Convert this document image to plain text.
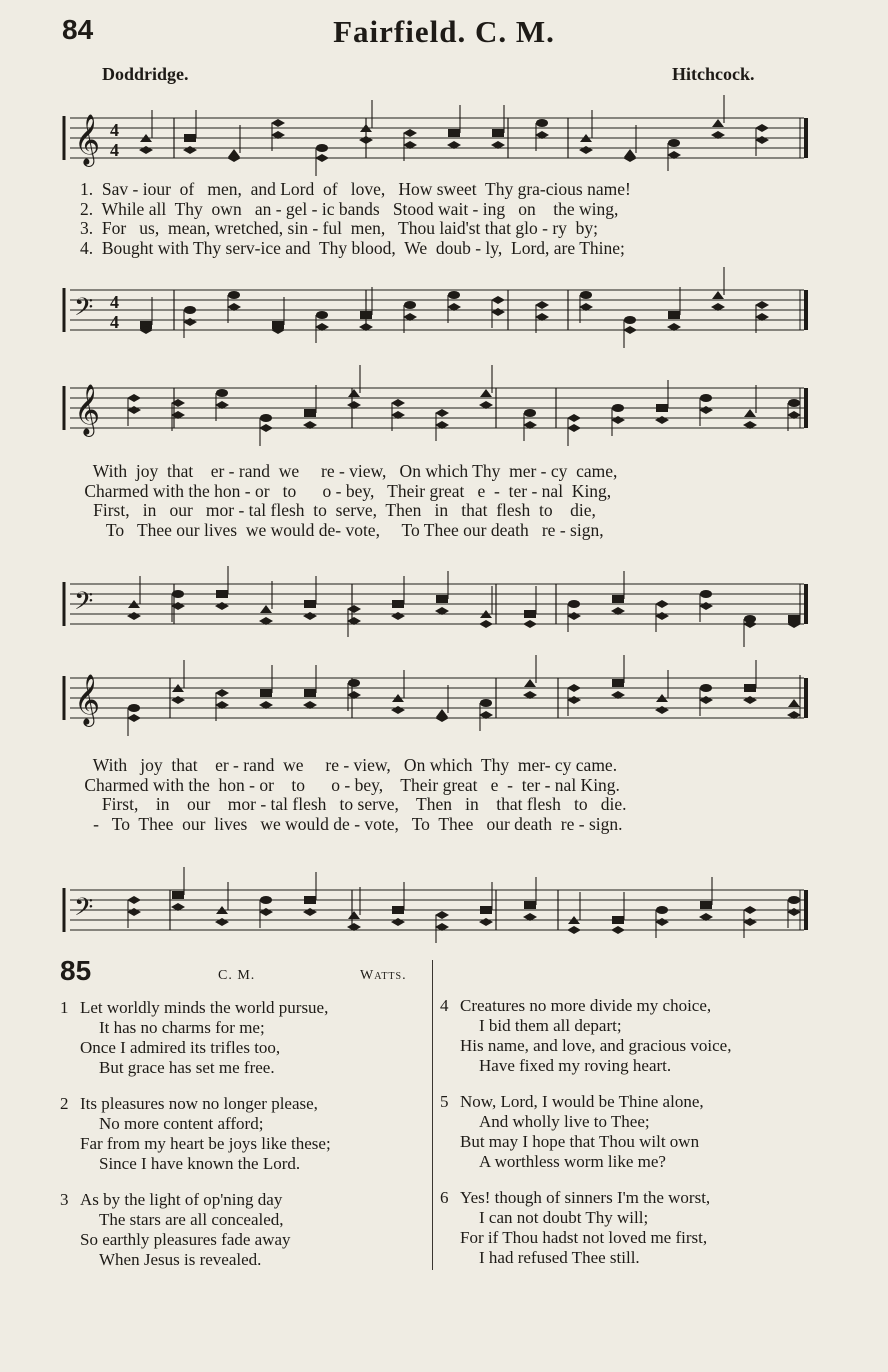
84	Fairfield. C. M.
Doddridge.	Hitchcock.
𝄞 4
4
1.  Sav - iour  of   men,  and Lord  of   love,   How sweet  Thy gra-cious name!
2.  While all  Thy  own   an - gel - ic bands   Stood wait - ing   on    the wing,
3.  For   us,  mean, wretched, sin - ful  men,   Thou laid'st that glo - ry  by;
4.  Bought with Thy serv-ice and  Thy blood,  We  doub - ly,  Lord, are Thine;
𝄢 4
4
𝄞
With  joy  that    er - rand  we     re - view,   On which Thy  mer - cy  came,
Charmed with the hon - or   to      o - bey,   Their great   e  -  ter - nal  King,
First,   in   our   mor - tal flesh  to  serve,  Then   in   that  flesh  to    die,
To   Thee our lives  we would de- vote,     To Thee our death   re - sign,
𝄢
𝄞
With   joy  that    er - rand  we     re - view,   On which  Thy  mer- cy came.
Charmed with the  hon - or    to      o - bey,    Their great   e  -  ter - nal King.
First,    in    our    mor - tal flesh   to serve,    Then   in    that flesh   to   die.
-   To  Thee  our  lives   we would de - vote,   To  Thee   our death  re - sign.
𝄢
85	C. M.	Watts.
1 Let worldly minds the world pursue,
It has no charms for me;
Once I admired its trifles too,
But grace has set me free.
2 Its pleasures now no longer please,
No more content afford;
Far from my heart be joys like these;
Since I have known the Lord.
3 As by the light of op'ning day
The stars are all concealed,
So earthly pleasures fade away
When Jesus is revealed.
4 Creatures no more divide my choice,
I bid them all depart;
His name, and love, and gracious voice,
Have fixed my roving heart.
5 Now, Lord, I would be Thine alone,
And wholly live to Thee;
But may I hope that Thou wilt own
A worthless worm like me?
6 Yes! though of sinners I'm the worst,
I can not doubt Thy will;
For if Thou hadst not loved me first,
I had refused Thee still.
